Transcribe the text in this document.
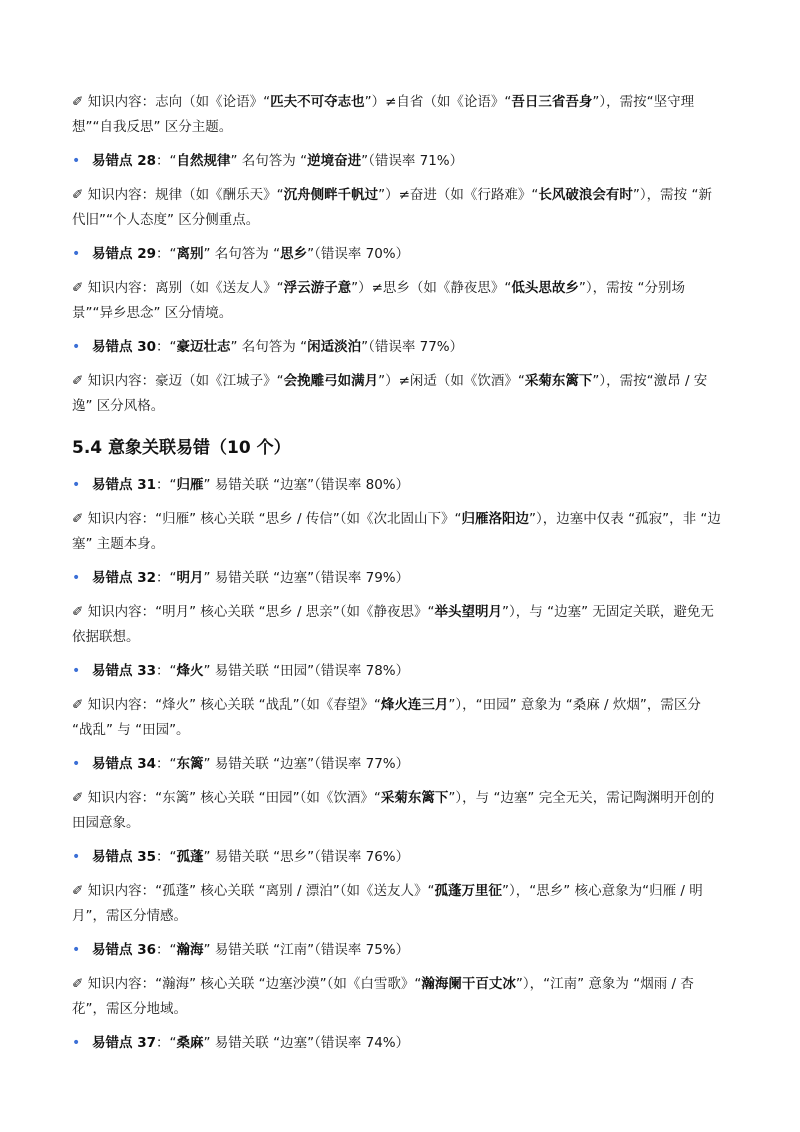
✐ 知识内容：志向（如《论语》“匹夫不可夺志也”）≠自省（如《论语》“吾日三省吾身”），需按“坚守理想”“自我反思” 区分主题。

• 易错点 28：“自然规律” 名句答为 “逆境奋进”（错误率 71%）

✐ 知识内容：规律（如《酬乐天》“沉舟侧畔千帆过”）≠奋进（如《行路难》“长风破浪会有时”），需按 “新代旧”“个人态度” 区分侧重点。

• 易错点 29：“离别” 名句答为 “思乡”（错误率 70%）

✐ 知识内容：离别（如《送友人》“浮云游子意”）≠思乡（如《静夜思》“低头思故乡”），需按 “分别场景”“异乡思念” 区分情境。

• 易错点 30：“豪迈壮志” 名句答为 “闲适淡泊”（错误率 77%）

✐ 知识内容：豪迈（如《江城子》“会挽雕弓如满月”）≠闲适（如《饮酒》“采菊东篱下”），需按“激昂 / 安逸” 区分风格。

5.4 意象关联易错（10 个）
• 易错点 31：“归雁” 易错关联 “边塞”（错误率 80%）

✐ 知识内容：“归雁” 核心关联 “思乡 / 传信”（如《次北固山下》“归雁洛阳边”），边塞中仅表 “孤寂”，非 “边塞” 主题本身。

• 易错点 32：“明月” 易错关联 “边塞”（错误率 79%）

✐ 知识内容：“明月” 核心关联 “思乡 / 思亲”（如《静夜思》“举头望明月”），与 “边塞” 无固定关联，避免无依据联想。

• 易错点 33：“烽火” 易错关联 “田园”（错误率 78%）

✐ 知识内容：“烽火” 核心关联 “战乱”（如《春望》“烽火连三月”），“田园” 意象为 “桑麻 / 炊烟”，需区分 “战乱” 与 “田园”。

• 易错点 34：“东篱” 易错关联 “边塞”（错误率 77%）

✐ 知识内容：“东篱” 核心关联 “田园”（如《饮酒》“采菊东篱下”），与 “边塞” 完全无关，需记陶渊明开创的田园意象。

• 易错点 35：“孤蓬” 易错关联 “思乡”（错误率 76%）

✐ 知识内容：“孤蓬” 核心关联 “离别 / 漂泊”（如《送友人》“孤蓬万里征”），“思乡” 核心意象为“归雁 / 明月”，需区分情感。

• 易错点 36：“瀚海” 易错关联 “江南”（错误率 75%）

✐ 知识内容：“瀚海” 核心关联 “边塞沙漠”（如《白雪歌》“瀚海阑干百丈冰”），“江南” 意象为 “烟雨 / 杏花”，需区分地域。

• 易错点 37：“桑麻” 易错关联 “边塞”（错误率 74%）
